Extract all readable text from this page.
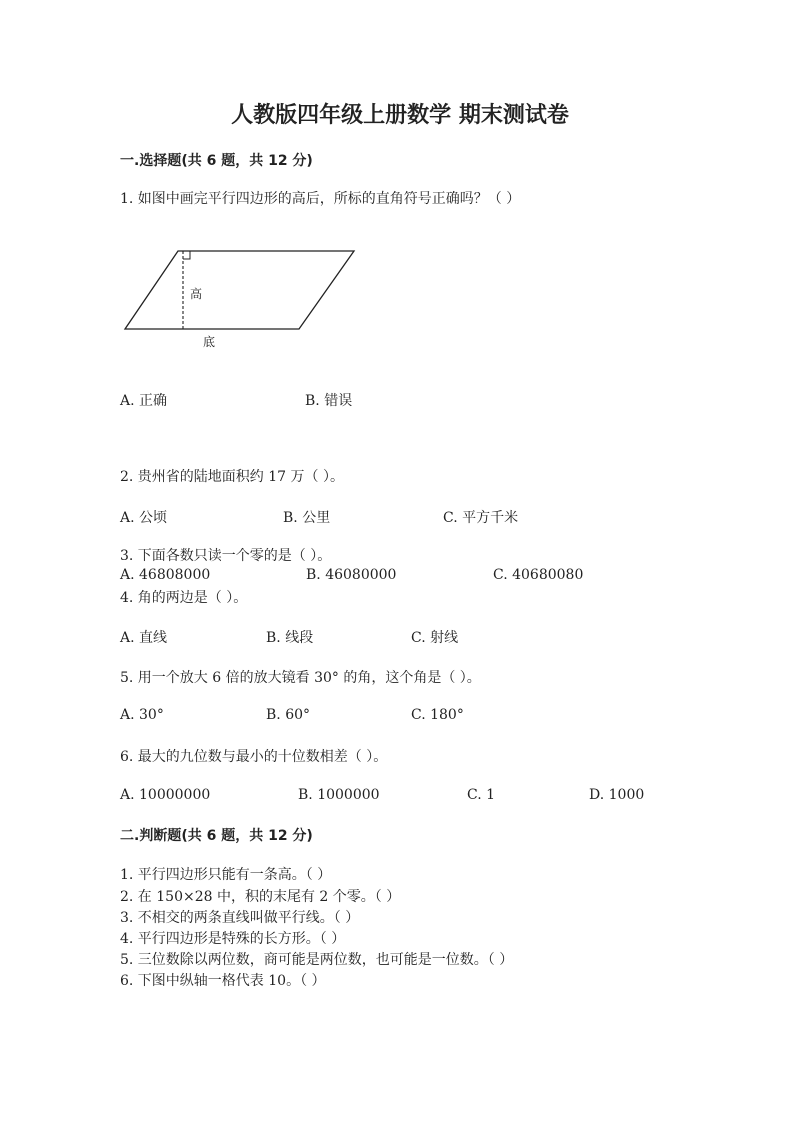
人教版四年级上册数学 期末测试卷
一.选择题(共 6 题，共 12 分)
1. 如图中画完平行四边形的高后，所标的直角符号正确吗？（ ）
高
底
A. 正确	B. 错误
2. 贵州省的陆地面积约 17 万（ ）。
A. 公顷	B. 公里	C. 平方千米
3. 下面各数只读一个零的是（ ）。
A. 46808000	B. 46080000	C. 40680080
4. 角的两边是（ ）。
A. 直线	B. 线段	C. 射线
5. 用一个放大 6 倍的放大镜看 30° 的角，这个角是（ ）。
A. 30°	B. 60°	C. 180°
6. 最大的九位数与最小的十位数相差（ ）。
A. 10000000	B. 1000000	C. 1	D. 1000
二.判断题(共 6 题，共 12 分)
1. 平行四边形只能有一条高。（ ）
2. 在 150×28 中，积的末尾有 2 个零。（ ）
3. 不相交的两条直线叫做平行线。（ ）
4. 平行四边形是特殊的长方形。（ ）
5. 三位数除以两位数，商可能是两位数，也可能是一位数。（ ）
6. 下图中纵轴一格代表 10。（ ）
